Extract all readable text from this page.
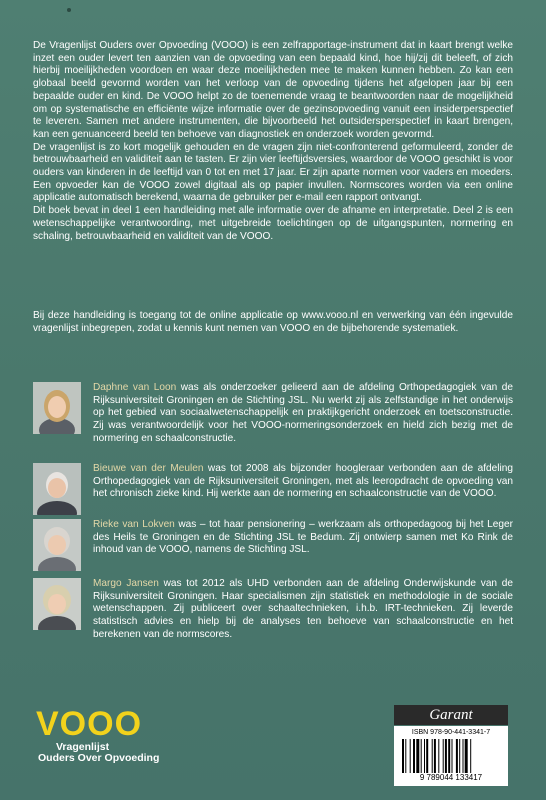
De Vragenlijst Ouders over Opvoeding (VOOO) is een zelfrapportage-instrument dat in kaart brengt welke inzet een ouder levert ten aanzien van de opvoeding van een bepaald kind, hoe hij/zij dit beleeft, of zich hierbij moeilijkheden voordoen en waar deze moeilijkheden mee te maken kunnen hebben. Zo kan een globaal beeld gevormd worden van het verloop van de opvoeding tijdens het afgelopen jaar bij een bepaalde ouder en kind. De VOOO helpt zo de toenemende vraag te beantwoorden naar de mogelijkheid om op systematische en efficiënte wijze informatie over de gezinsopvoeding vanuit een insiderperspectief te leveren. Samen met andere instrumenten, die bijvoorbeeld het outsidersperspectief in kaart brengen, kan een genuanceerd beeld ten behoeve van diagnostiek en onderzoek worden gevormd.

De vragenlijst is zo kort mogelijk gehouden en de vragen zijn niet-confronterend geformuleerd, zonder de betrouwbaarheid en validiteit aan te tasten. Er zijn vier leeftijdsversies, waardoor de VOOO geschikt is voor ouders van kinderen in de leeftijd van 0 tot en met 17 jaar. Er zijn aparte normen voor vaders en moeders. Een opvoeder kan de VOOO zowel digitaal als op papier invullen. Normscores worden via een online applicatie automatisch berekend, waarna de gebruiker per e-mail een rapport ontvangt.

Dit boek bevat in deel 1 een handleiding met alle informatie over de afname en interpretatie. Deel 2 is een wetenschappelijke verantwoording, met uitgebreide toelichtingen op de uitgangspunten, normering en schaling, betrouwbaarheid en validiteit van de VOOO.

Bij deze handleiding is toegang tot de online applicatie op www.vooo.nl en verwerking van één ingevulde vragenlijst inbegrepen, zodat u kennis kunt nemen van VOOO en de bijbehorende systematiek.
Daphne van Loon was als onderzoeker gelieerd aan de afdeling Orthopedagogiek van de Rijksuniversiteit Groningen en de Stichting JSL. Nu werkt zij als zelfstandige in het onderwijs op het gebied van sociaalwetenschappelijk en praktijkgericht onderzoek en toetsconstructie. Zij was verantwoordelijk voor het VOOO-normeringsonderzoek en hield zich bezig met de normering en schaalconstructie.
Bieuwe van der Meulen was tot 2008 als bijzonder hoogleraar verbonden aan de afdeling Orthopedagogiek van de Rijksuniversiteit Groningen, met als leeropdracht de opvoeding van het chronisch zieke kind. Hij werkte aan de normering en schaalconstructie van de VOOO.
Rieke van Lokven was – tot haar pensionering – werkzaam als orthopedagoog bij het Leger des Heils te Groningen en de Stichting JSL te Bedum. Zij ontwierp samen met Ko Rink de inhoud van de VOOO, namens de Stichting JSL.
Margo Jansen was tot 2012 als UHD verbonden aan de afdeling Onderwijskunde van de Rijksuniversiteit Groningen. Haar specialismen zijn statistiek en methodologie in de sociale wetenschappen. Zij publiceert over schaaltechnieken, i.h.b. IRT-technieken. Zij leverde statistisch advies en hielp bij de analyses ten behoeve van schaalconstructie en het berekenen van de normscores.
VOOO
Vragenlijst
Ouders Over Opvoeding
Garant
ISBN 978-90-441-3341-7
9 789044 133417
